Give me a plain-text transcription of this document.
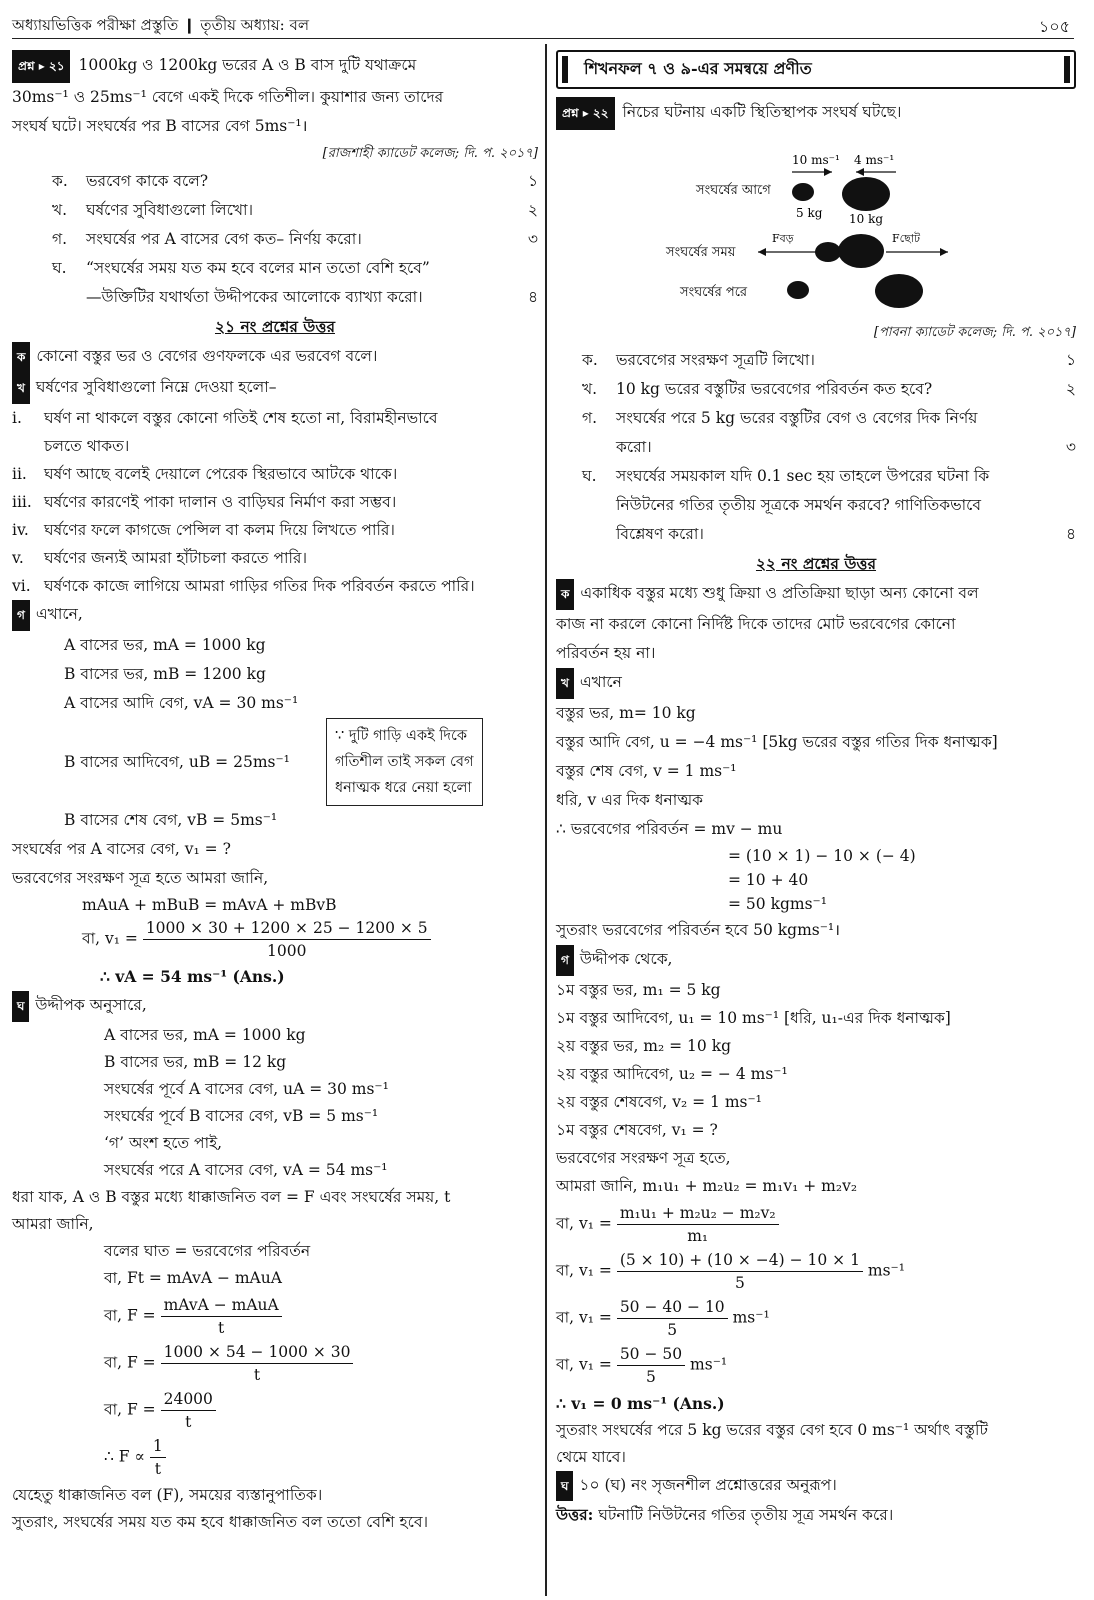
অধ্যায়ভিত্তিক পরীক্ষা প্রস্তুতি ❙ তৃতীয় অধ্যায়: বল	১০৫
প্রশ্ন ▸ ২১ 1000kg ও 1200kg ভরের A ও B বাস দুটি যথাক্রমে
30ms⁻¹ ও 25ms⁻¹ বেগে একই দিকে গতিশীল। কুয়াশার জন্য তাদের
সংঘর্ষ ঘটে। সংঘর্ষের পর B বাসের বেগ 5ms⁻¹।
[রাজশাহী ক্যাডেট কলেজ; দি. প. ২০১৭]
ক.	ভরবেগ কাকে বলে?	১
খ.	ঘর্ষণের সুবিধাগুলো লিখো।	২
গ.	সংঘর্ষের পর A বাসের বেগ কত– নির্ণয় করো।	৩
ঘ.	“সংঘর্ষের সময় যত কম হবে বলের মান ততো বেশি হবে”
—উক্তিটির যথার্থতা উদ্দীপকের আলোকে ব্যাখ্যা করো।	৪
২১ নং প্রশ্নের উত্তর
ক কোনো বস্তুর ভর ও বেগের গুণফলকে এর ভরবেগ বলে।
খ ঘর্ষণের সুবিধাগুলো নিম্নে দেওয়া হলো–
i.	ঘর্ষণ না থাকলে বস্তুর কোনো গতিই শেষ হতো না, বিরামহীনভাবে
চলতে থাকত।
ii.	ঘর্ষণ আছে বলেই দেয়ালে পেরেক স্থিরভাবে আটকে থাকে।
iii. ঘর্ষণের কারণেই পাকা দালান ও বাড়িঘর নির্মাণ করা সম্ভব।
iv. ঘর্ষণের ফলে কাগজে পেন্সিল বা কলম দিয়ে লিখতে পারি।
v.	ঘর্ষণের জন্যই আমরা হাঁটাচলা করতে পারি।
vi. ঘর্ষণকে কাজে লাগিয়ে আমরা গাড়ির গতির দিক পরিবর্তন করতে পারি।
গ এখানে,
A বাসের ভর, mA = 1000 kg
B বাসের ভর, mB = 1200 kg
A বাসের আদি বেগ, vA = 30 ms⁻¹
B বাসের আদিবেগ, uB = 25ms⁻¹
∵ দুটি গাড়ি একই দিকে
গতিশীল তাই সকল বেগ
ধনাত্মক ধরে নেয়া হলো
B বাসের শেষ বেগ, vB = 5ms⁻¹
সংঘর্ষের পর A বাসের বেগ, v₁ = ?
ভরবেগের সংরক্ষণ সূত্র হতে আমরা জানি,
mAuA + mBuB = mAvA + mBvB
বা, $v_1 = \frac{1000 \times 30 + 1200 \times 25 - 1200 \times 5}{1000}$
∴ vA = 54 ms⁻¹ (Ans.)
ঘ উদ্দীপক অনুসারে,
A বাসের ভর, mA = 1000 kg
B বাসের ভর, mB = 12 kg
সংঘর্ষের পূর্বে A বাসের বেগ, uA = 30 ms⁻¹
সংঘর্ষের পূর্বে B বাসের বেগ, vB = 5 ms⁻¹
‘গ’ অংশ হতে পাই,
সংঘর্ষের পরে A বাসের বেগ, vA = 54 ms⁻¹
ধরা যাক, A ও B বস্তুর মধ্যে ধাক্কাজনিত বল = F এবং সংঘর্ষের সময়, t
আমরা জানি,
বলের ঘাত = ভরবেগের পরিবর্তন
বা, Ft = mAvA − mAuA
বা, $F = \frac{\text{mAvA − mAuA}}{t}$
বা, $F = \frac{1000 \times 54 - 1000 \times 30}{t}$
বা, $F = \frac{24000}{t}$
∴ $F \propto \frac{1}{t}$
যেহেতু ধাক্কাজনিত বল (F), সময়ের ব্যস্তানুপাতিক।
সুতরাং, সংঘর্ষের সময় যত কম হবে ধাক্কাজনিত বল ততো বেশি হবে।
শিখনফল ৭ ও ৯-এর সমন্বয়ে প্রণীত
প্রশ্ন ▸ ২২ নিচের ঘটনায় একটি স্থিতিস্থাপক সংঘর্ষ ঘটছে।
সংঘর্ষের আগে
10 ms⁻¹ 4 ms⁻¹
5 kg 10 kg
সংঘর্ষের সময়
Fবড়	Fছোট
সংঘর্ষের পরে
[পাবনা ক্যাডেট কলেজ; দি. প. ২০১৭]
ক.	ভরবেগের সংরক্ষণ সূত্রটি লিখো।	১
খ.	10 kg ভরের বস্তুটির ভরবেগের পরিবর্তন কত হবে?	২
গ.	সংঘর্ষের পরে 5 kg ভরের বস্তুটির বেগ ও বেগের দিক নির্ণয়
করো।	৩
ঘ.	সংঘর্ষের সময়কাল যদি 0.1 sec হয় তাহলে উপরের ঘটনা কি
নিউটনের গতির তৃতীয় সূত্রকে সমর্থন করবে? গাণিতিকভাবে
বিশ্লেষণ করো।	৪
২২ নং প্রশ্নের উত্তর
ক একাধিক বস্তুর মধ্যে শুধু ক্রিয়া ও প্রতিক্রিয়া ছাড়া অন্য কোনো বল
কাজ না করলে কোনো নির্দিষ্ট দিকে তাদের মোট ভরবেগের কোনো
পরিবর্তন হয় না।
খ এখানে
বস্তুর ভর, m= 10 kg
বস্তুর আদি বেগ, u = −4 ms⁻¹ [5kg ভরের বস্তুর গতির দিক ধনাত্মক]
বস্তুর শেষ বেগ, v = 1 ms⁻¹
ধরি, v এর দিক ধনাত্মক
∴ ভরবেগের পরিবর্তন = mv − mu
= (10 × 1) − 10 × (− 4)
= 10 + 40
= 50 kgms⁻¹
সুতরাং ভরবেগের পরিবর্তন হবে 50 kgms⁻¹।
গ উদ্দীপক থেকে,
১ম বস্তুর ভর, m₁ = 5 kg
১ম বস্তুর আদিবেগ, u₁ = 10 ms⁻¹ [ধরি, u₁-এর দিক ধনাত্মক]
২য় বস্তুর ভর, m₂ = 10 kg
২য় বস্তুর আদিবেগ, u₂ = − 4 ms⁻¹
২য় বস্তুর শেষবেগ, v₂ = 1 ms⁻¹
১ম বস্তুর শেষবেগ, v₁ = ?
ভরবেগের সংরক্ষণ সূত্র হতে,
আমরা জানি, m₁u₁ + m₂u₂ = m₁v₁ + m₂v₂
বা, $v_1 = \frac{\text{m₁u₁ + m₂u₂ − m₂v₂}}{\text{m₁}}$
বা, $v_1 = \frac{(5 \times 10) + (10 \times -4) - 10 \times 1}{5} ms^{-1}$
বা, $v_1 = \frac{50 - 40 - 10}{5} ms^{-1}$
বা, $v_1 = \frac{50 - 50}{5} ms^{-1}$
∴ v₁ = 0 ms⁻¹ (Ans.)
সুতরাং সংঘর্ষের পরে 5 kg ভরের বস্তুর বেগ হবে 0 ms⁻¹ অর্থাৎ বস্তুটি
থেমে যাবে।
ঘ ১০ (ঘ) নং সৃজনশীল প্রশ্নোত্তরের অনুরূপ।
উত্তর: ঘটনাটি নিউটনের গতির তৃতীয় সূত্র সমর্থন করে।
